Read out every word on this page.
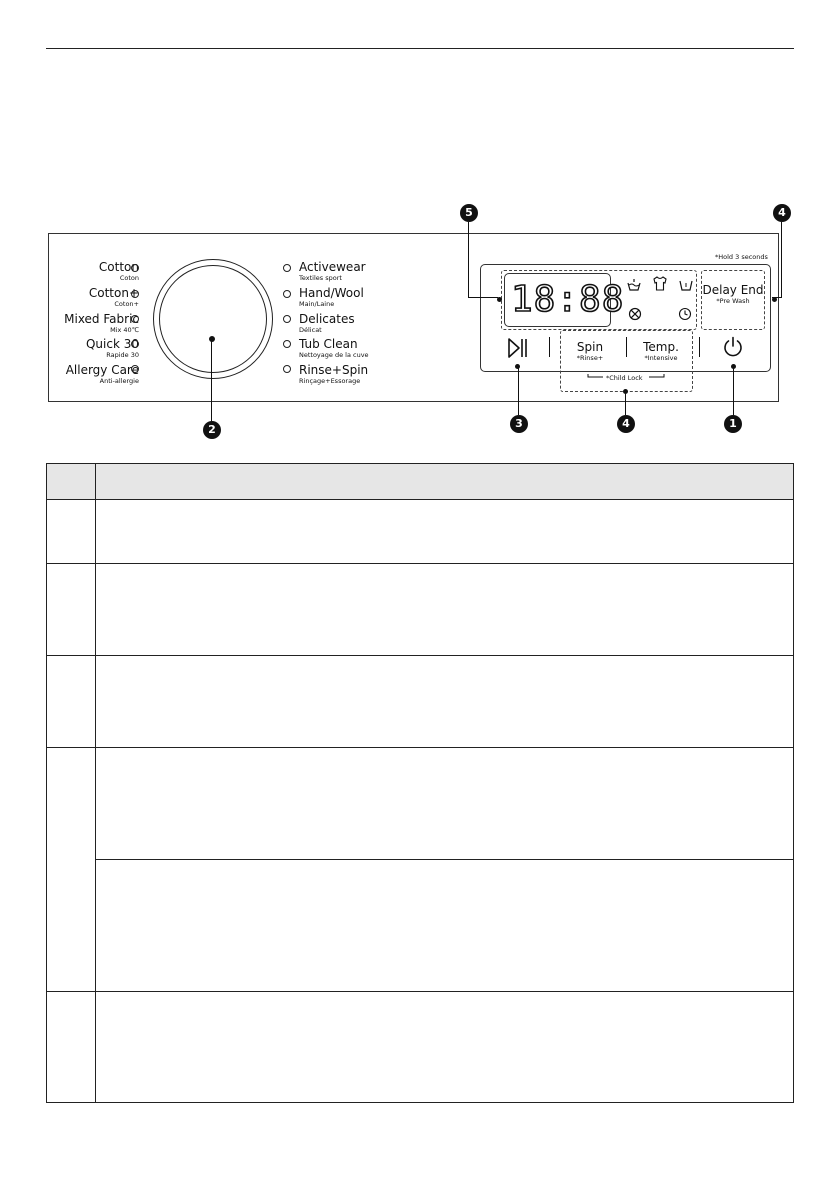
5	4
Cotton
Coton
Cotton+
Coton+
Mixed Fabric
Mix 40℃
Quick 30
Rapide 30
Allergy Care
Anti-allergie
Activewear
Textiles sport
Hand/Wool
Main/Laine
Delicates
Délicat
Tub Clean
Nettoyage de la cuve
Rinse+Spin
Rinçage+Essorage
18:88	Delay End
*Pre Wash
*Hold 3 seconds
Spin
*Rinse+
Temp.
*Intensive
*Child Lock
2	3	4	1
